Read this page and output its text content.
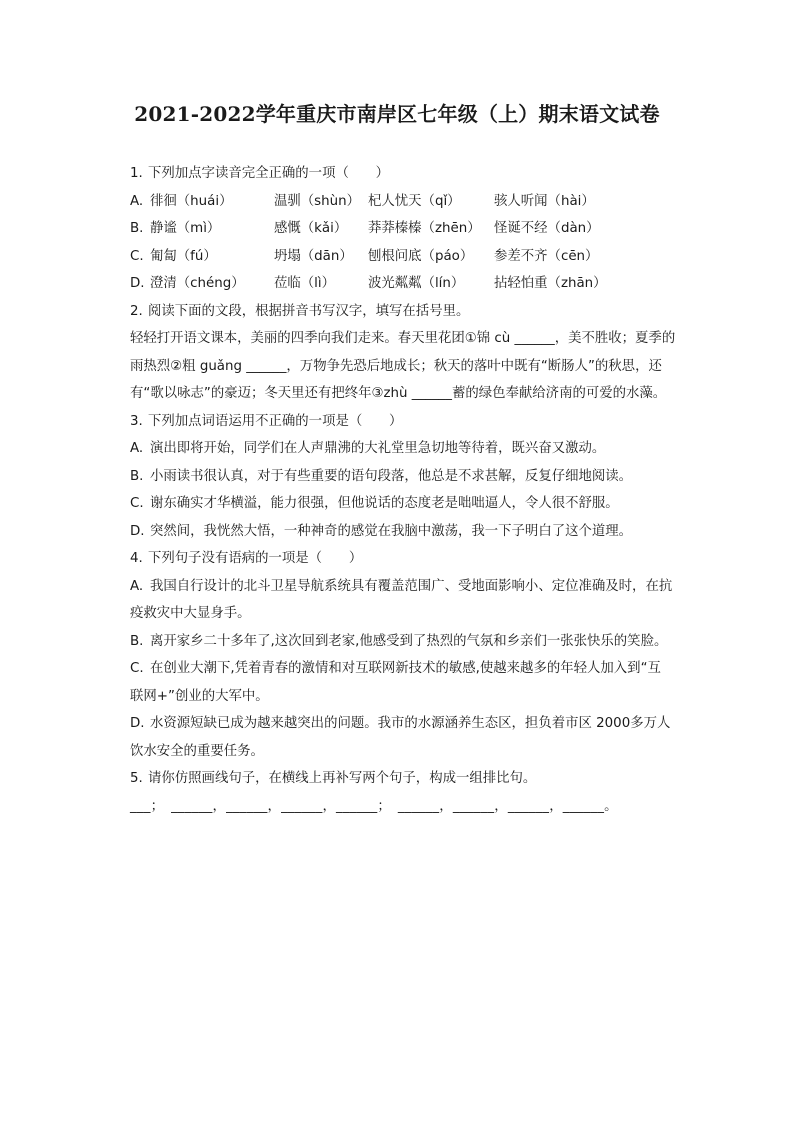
2021-2022学年重庆市南岸区七年级（上）期末语文试卷
1. 下列加点字读音完全正确的一项（　　）
A. 徘徊（huái）	温驯（shùn） 杞人忧天（qǐ）	骇人听闻（hài）
B. 静谧（mì）	感慨（kǎi）	莽莽榛榛（zhēn）	怪诞不经（dàn）
C. 匍匐（fú）	坍塌（dān）	刨根问底（páo）	参差不齐（cēn）
D. 澄清（chéng）	莅临（lì）	波光粼粼（lín）	拈轻怕重（zhān）
2. 阅读下面的文段，根据拼音书写汉字，填写在括号里。
轻轻打开语文课本，美丽的四季向我们走来。春天里花团①锦 cù ______，美不胜收；夏季的
雨热烈②粗 guǎng ______，万物争先恐后地成长；秋天的落叶中既有“断肠人”的秋思，还
有“歌以咏志”的豪迈；冬天里还有把终年③zhù ______蓄的绿色奉献给济南的可爱的水藻。
3. 下列加点词语运用不正确的一项是（　　）
A. 演出即将开始，同学们在人声鼎沸的大礼堂里急切地等待着，既兴奋又激动。
B. 小雨读书很认真，对于有些重要的语句段落，他总是不求甚解，反复仔细地阅读。
C. 谢东确实才华横溢，能力很强，但他说话的态度老是咄咄逼人，令人很不舒服。
D. 突然间，我恍然大悟，一种神奇的感觉在我脑中激荡，我一下子明白了这个道理。
4. 下列句子没有语病的一项是（　　）
A. 我国自行设计的北斗卫星导航系统具有覆盖范围广、受地面影响小、定位准确及时，在抗
疫救灾中大显身手。
B. 离开家乡二十多年了,这次回到老家,他感受到了热烈的气氛和乡亲们一张张快乐的笑脸。
C. 在创业大潮下,凭着青春的激情和对互联网新技术的敏感,使越来越多的年轻人加入到“互
联网+”创业的大军中。
D. 水资源短缺已成为越来越突出的问题。我市的水源涵养生态区，担负着市区 2000多万人
饮水安全的重要任务。
5. 请你仿照画线句子，在横线上再补写两个句子，构成一组排比句。
___；　______，______，______，______；　______，______，______，______。
